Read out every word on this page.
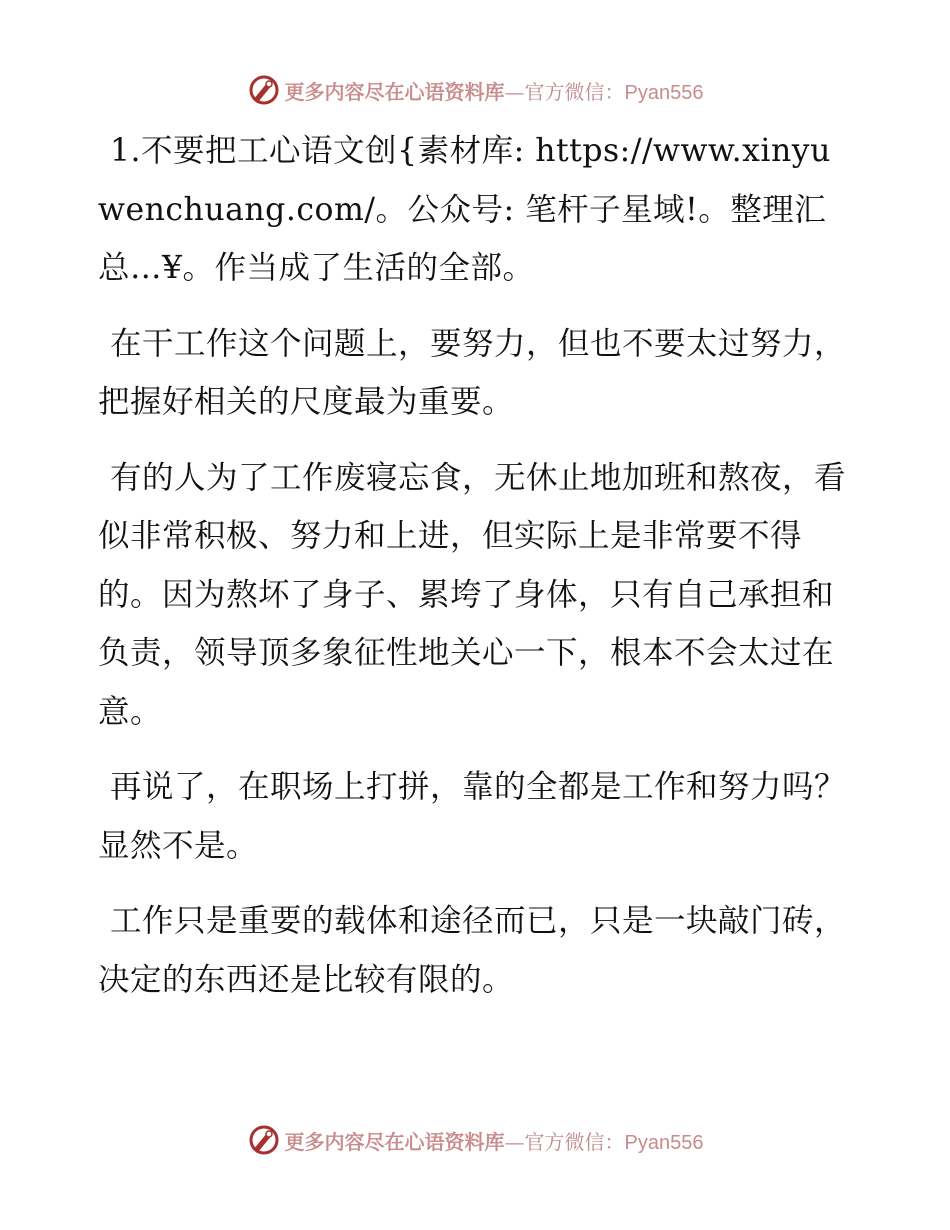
更多内容尽在心语资料库—官方微信：Pyan556

1.不要把工心语文创{素材库: https://www.xinyuwenchuang.com/。公众号: 笔杆子星域!。整理汇总…¥。作当成了生活的全部。

在干工作这个问题上，要努力，但也不要太过努力，把握好相关的尺度最为重要。

有的人为了工作废寝忘食，无休止地加班和熬夜，看似非常积极、努力和上进，但实际上是非常要不得的。因为熬坏了身子、累垮了身体，只有自己承担和负责，领导顶多象征性地关心一下，根本不会太过在意。

再说了，在职场上打拼，靠的全都是工作和努力吗？显然不是。

工作只是重要的载体和途径而已，只是一块敲门砖，决定的东西还是比较有限的。

更多内容尽在心语资料库—官方微信：Pyan556
